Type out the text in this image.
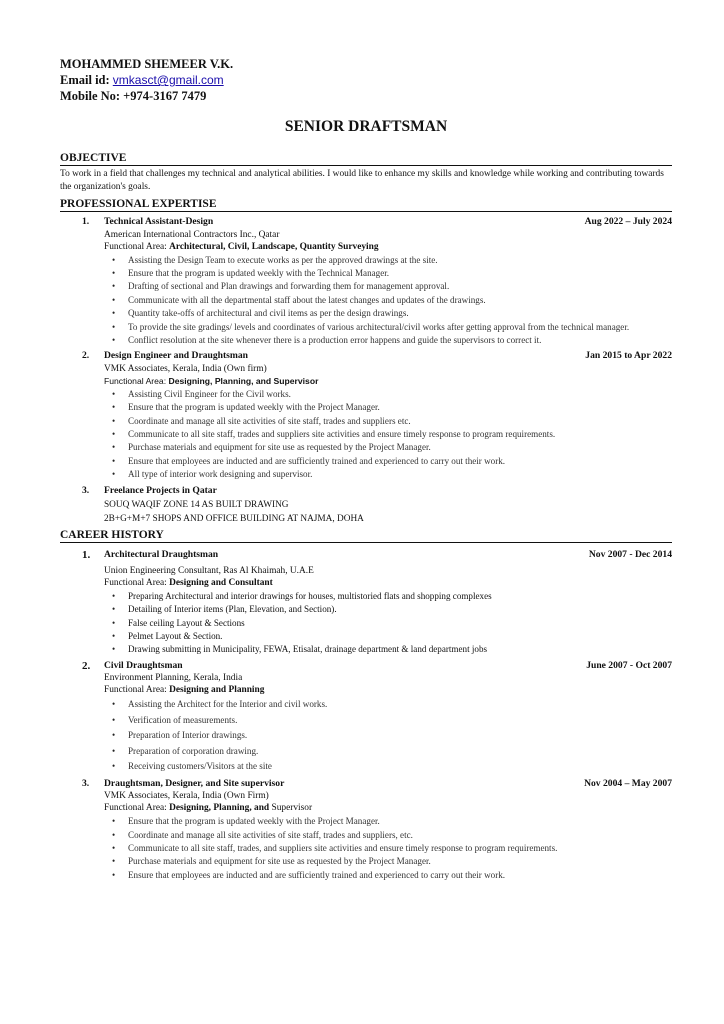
MOHAMMED SHEMEER V.K.
Email id: vmkasct@gmail.com
Mobile No: +974-3167 7479
SENIOR DRAFTSMAN
OBJECTIVE
To work in a field that challenges my technical and analytical abilities. I would like to enhance my skills and knowledge while working and contributing towards the organization's goals.
PROFESSIONAL EXPERTISE
1.	Technical Assistant-Design	Aug 2022 – July 2024
American International Contractors Inc., Qatar
Functional Area: Architectural, Civil, Landscape, Quantity Surveying
• Assisting the Design Team to execute works as per the approved drawings at the site.
• Ensure that the program is updated weekly with the Technical Manager.
• Drafting of sectional and Plan drawings and forwarding them for management approval.
• Communicate with all the departmental staff about the latest changes and updates of the drawings.
• Quantity take-offs of architectural and civil items as per the design drawings.
• To provide the site gradings/ levels and coordinates of various architectural/civil works after getting approval from the technical manager.
• Conflict resolution at the site whenever there is a production error happens and guide the supervisors to correct it.
2.	Design Engineer and Draughtsman	Jan 2015 to Apr 2022
VMK Associates, Kerala, India (Own firm)
Functional Area: Designing, Planning, and Supervisor
• Assisting Civil Engineer for the Civil works.
• Ensure that the program is updated weekly with the Project Manager.
• Coordinate and manage all site activities of site staff, trades and suppliers etc.
• Communicate to all site staff, trades and suppliers site activities and ensure timely response to program requirements.
• Purchase materials and equipment for site use as requested by the Project Manager.
• Ensure that employees are inducted and are sufficiently trained and experienced to carry out their work.
• All type of interior work designing and supervisor.
3.	Freelance Projects in Qatar
SOUQ WAQIF ZONE 14 AS BUILT DRAWING
2B+G+M+7 SHOPS AND OFFICE BUILDING AT NAJMA, DOHA
CAREER HISTORY
1.	Architectural Draughtsman	Nov 2007 - Dec 2014
Union Engineering Consultant, Ras Al Khaimah, U.A.E
Functional Area: Designing and Consultant
• Preparing Architectural and interior drawings for houses, multistoried flats and shopping complexes
• Detailing of Interior items (Plan, Elevation, and Section).
• False ceiling Layout & Sections
• Pelmet Layout & Section.
• Drawing submitting in Municipality, FEWA, Etisalat, drainage department & land department jobs
2.	Civil Draughtsman	June 2007 - Oct 2007
Environment Planning, Kerala, India
Functional Area: Designing and Planning
• Assisting the Architect for the Interior and civil works.
• Verification of measurements.
• Preparation of Interior drawings.
• Preparation of corporation drawing.
• Receiving customers/Visitors at the site
3.	Draughtsman, Designer, and Site supervisor	Nov 2004 – May 2007
VMK Associates, Kerala, India (Own Firm)
Functional Area: Designing, Planning, and Supervisor
• Ensure that the program is updated weekly with the Project Manager.
• Coordinate and manage all site activities of site staff, trades and suppliers, etc.
• Communicate to all site staff, trades, and suppliers site activities and ensure timely response to program requirements.
• Purchase materials and equipment for site use as requested by the Project Manager.
• Ensure that employees are inducted and are sufficiently trained and experienced to carry out their work.
